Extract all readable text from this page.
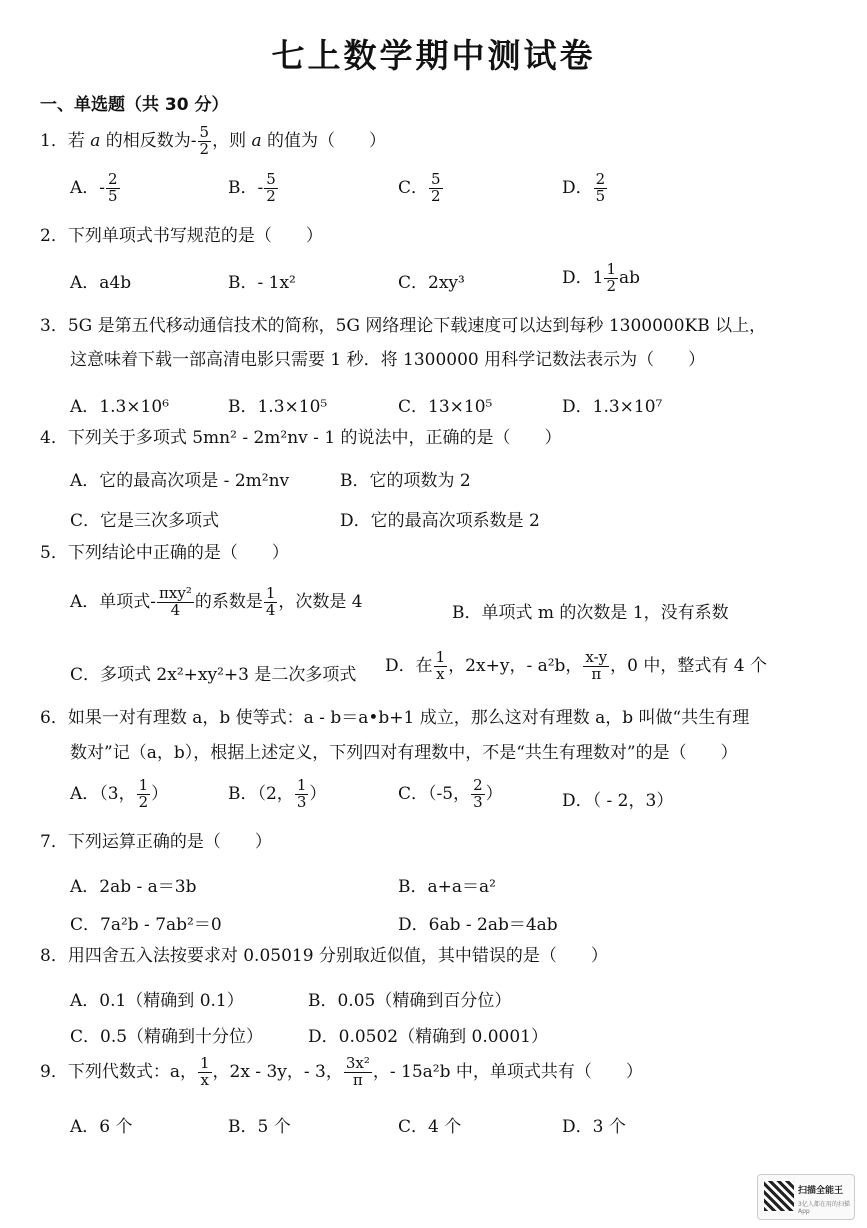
七上数学期中测试卷
一、单选题（共 30 分）
1．若 a 的相反数为- $\frac{5}{2}$ ，则 a 的值为（　　）
A．- $\frac{2}{5}$	B．- $\frac{5}{2}$	C． $\frac{5}{2}$	D． $\frac{2}{5}$
2．下列单项式书写规范的是（　　）
A．a4b	B．- 1x²	C．2xy³	D．$1 \frac{1}{2}$ ab
3．5G 是第五代移动通信技术的简称，5G 网络理论下载速度可以达到每秒 1300000KB 以上，
这意味着下载一部高清电影只需要 1 秒．将 1300000 用科学记数法表示为（　　）
A．1.3×10⁶	B．1.3×10⁵	C．13×10⁵	D．1.3×10⁷
4．下列关于多项式 5mn² - 2m²nv - 1 的说法中，正确的是（　　）
A．它的最高次项是 - 2m²nv	B．它的项数为 2
C．它是三次多项式	D．它的最高次项系数是 2
5．下列结论中正确的是（　　）
A．单项式- $\frac{\text{πxy²}}{4}$ 的系数是 $\frac{1}{4}$ ，次数是 4
B．单项式 m 的次数是 1，没有系数
C．多项式 2x²+xy²+3 是二次多项式 D．在 $\frac{1}{x}$ ，2x+y，- a²b， $\frac{x-y}{\pi}$ ，0 中，整式有 4 个
6．如果一对有理数 a，b 使等式：a - b＝a•b+1 成立，那么这对有理数 a，b 叫做“共生有理
数对”记（a，b），根据上述定义，下列四对有理数中，不是“共生有理数对”的是（　　）
A．（3， $\frac{1}{2}$ ）	B．（2， $\frac{1}{3}$ ）	C．（-5， $\frac{2}{3}$ ）	D．（ - 2，3）
7．下列运算正确的是（　　）
A．2ab - a＝3b	B．a+a＝a²
C．7a²b - 7ab²＝0	D．6ab - 2ab＝4ab
8．用四舍五入法按要求对 0.05019 分别取近似值，其中错误的是（　　）
A．0.1（精确到 0.1）	B．0.05（精确到百分位）
C．0.5（精确到十分位）	D．0.0502（精确到 0.0001）
9．下列代数式：a， $\frac{1}{x}$ ，2x - 3y，- 3， $\frac{\text{3x²}}{\pi}$ ，- 15a²b 中，单项式共有（　　）
A．6 个	B．5 个	C．4 个	D．3 个
扫描全能王
3亿人都在用的扫描App
